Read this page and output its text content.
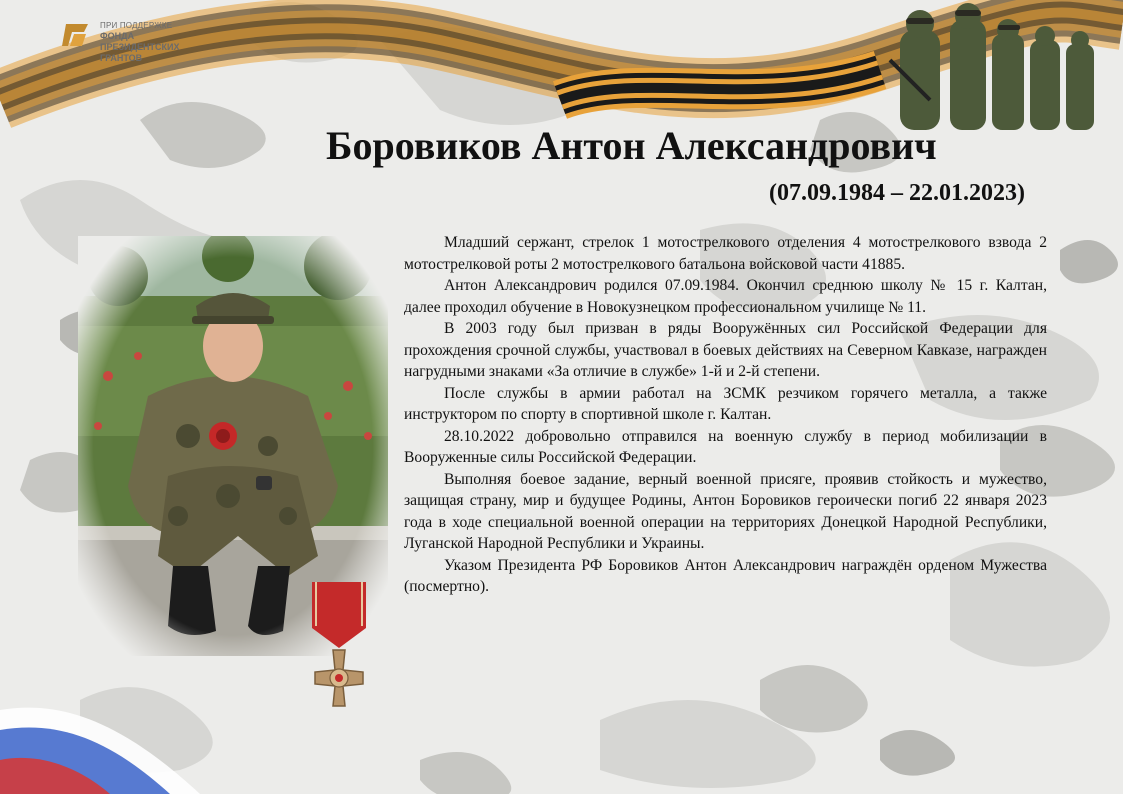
ПРИ ПОДДЕРЖКЕ
ФОНДА
ПРЕЗИДЕНТСКИХ
ГРАНТОВ
Боровиков Антон Александрович
(07.09.1984 – 22.01.2023)

Младший сержант, стрелок 1 мотострелкового отделения 4 мотострелкового взвода 2 мотострелковой роты 2 мотострелкового батальона войсковой части 41885.

Антон Александрович родился 07.09.1984. Окончил среднюю школу № 15 г. Калтан, далее проходил обучение в Новокузнецком профессиональном училище № 11.

В 2003 году был призван в ряды Вооружённых сил Российской Федерации для прохождения срочной службы, участвовал в боевых действиях на Северном Кавказе, награжден нагрудными знаками «За отличие в службе» 1-й и 2-й степени.

После службы в армии работал на ЗСМК резчиком горячего металла, а также инструктором по спорту в спортивной школе г. Калтан.

28.10.2022 добровольно отправился на военную службу в период мобилизации в Вооруженные силы Российской Федерации.

Выполняя боевое задание, верный военной присяге, проявив стойкость и мужество, защищая страну, мир и будущее Родины, Антон Боровиков героически погиб 22 января 2023 года в ходе специальной военной операции на территориях Донецкой Народной Республики, Луганской Народной Республики и Украины.

Указом Президента РФ Боровиков Антон Александрович награждён орденом Мужества (посмертно).
